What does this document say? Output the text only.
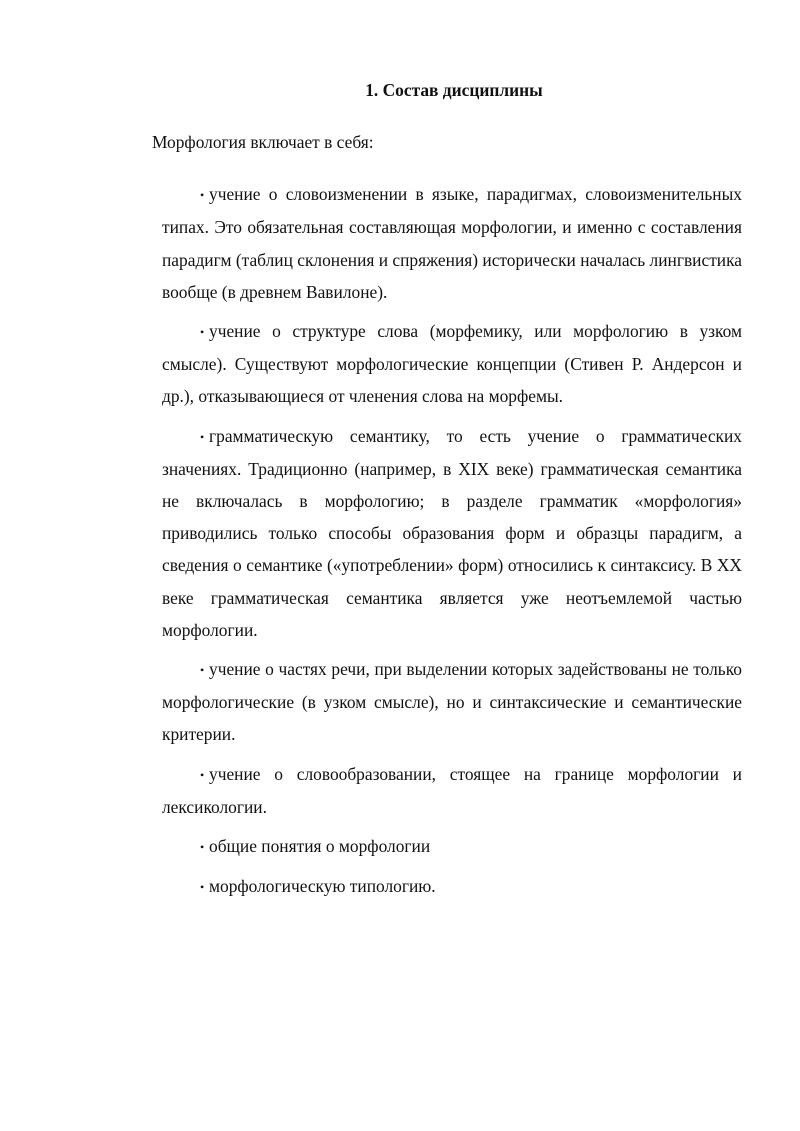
1. Состав дисциплины

Морфология включает в себя:

• учение о словоизменении в языке, парадигмах, словоизменительных типах. Это обязательная составляющая морфологии, и именно с составления парадигм (таблиц склонения и спряжения) исторически началась лингвистика вообще (в древнем Вавилоне).
• учение о структуре слова (морфемику, или морфологию в узком смысле). Существуют морфологические концепции (Стивен Р. Андерсон и др.), отказывающиеся от членения слова на морфемы.
• грамматическую семантику, то есть учение о грамматических значениях. Традиционно (например, в XIX веке) грамматическая семантика не включалась в морфологию; в разделе грамматик «морфология» приводились только способы образования форм и образцы парадигм, а сведения о семантике («употреблении» форм) относились к синтаксису. В XX веке грамматическая семантика является уже неотъемлемой частью морфологии.
• учение о частях речи, при выделении которых задействованы не только морфологические (в узком смысле), но и синтаксические и семантические критерии.
• учение о словообразовании, стоящее на границе морфологии и лексикологии.
• общие понятия о морфологии
• морфологическую типологию.
